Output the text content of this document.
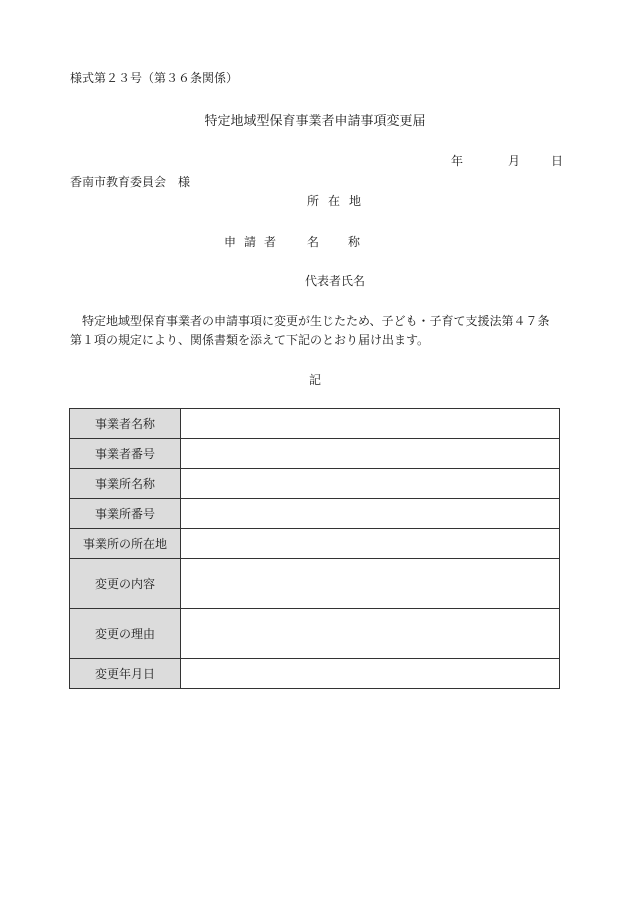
様式第２３号（第３６条関係）
特定地域型保育事業者申請事項変更届
年	月	日
香南市教育委員会　様
所在地
申請者 名 称
代表者氏名
　特定地域型保育事業者の申請事項に変更が生じたため、子ども・子育て支援法第４７条
第１項の規定により、関係書類を添えて下記のとおり届け出ます。
記
事業者名称	
事業者番号	
事業所名称	
事業所番号	
事業所の所在地	
変更の内容	
変更の理由	
変更年月日	
